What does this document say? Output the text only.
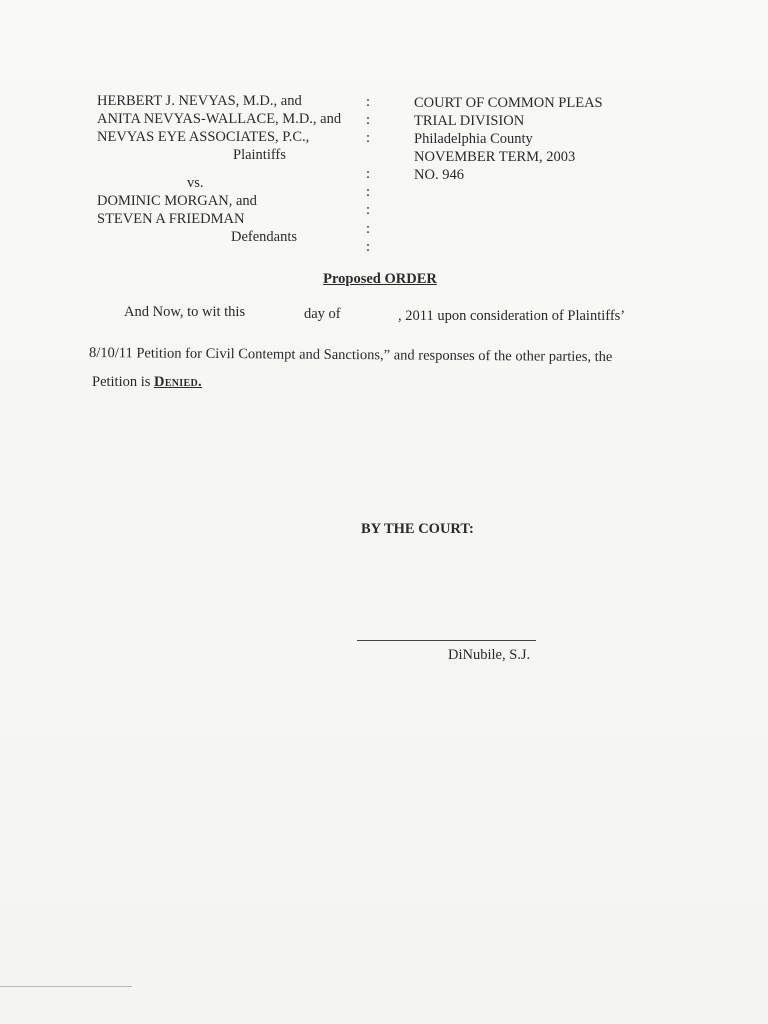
HERBERT J. NEVYAS, M.D., and
ANITA NEVYAS-WALLACE, M.D., and
NEVYAS EYE ASSOCIATES, P.C.,
Plaintiffs
vs.
DOMINIC MORGAN, and
STEVEN A FRIEDMAN
Defendants
:
:
:
:
:
:
:
:
COURT OF COMMON PLEAS
TRIAL DIVISION
Philadelphia County
NOVEMBER TERM, 2003
NO. 946
Proposed ORDER
And Now, to wit this	day of	, 2011 upon consideration of Plaintiffs’
8/10/11 Petition for Civil Contempt and Sanctions,” and responses of the other parties, the
Petition is Denied.
BY THE COURT:
DiNubile, S.J.
